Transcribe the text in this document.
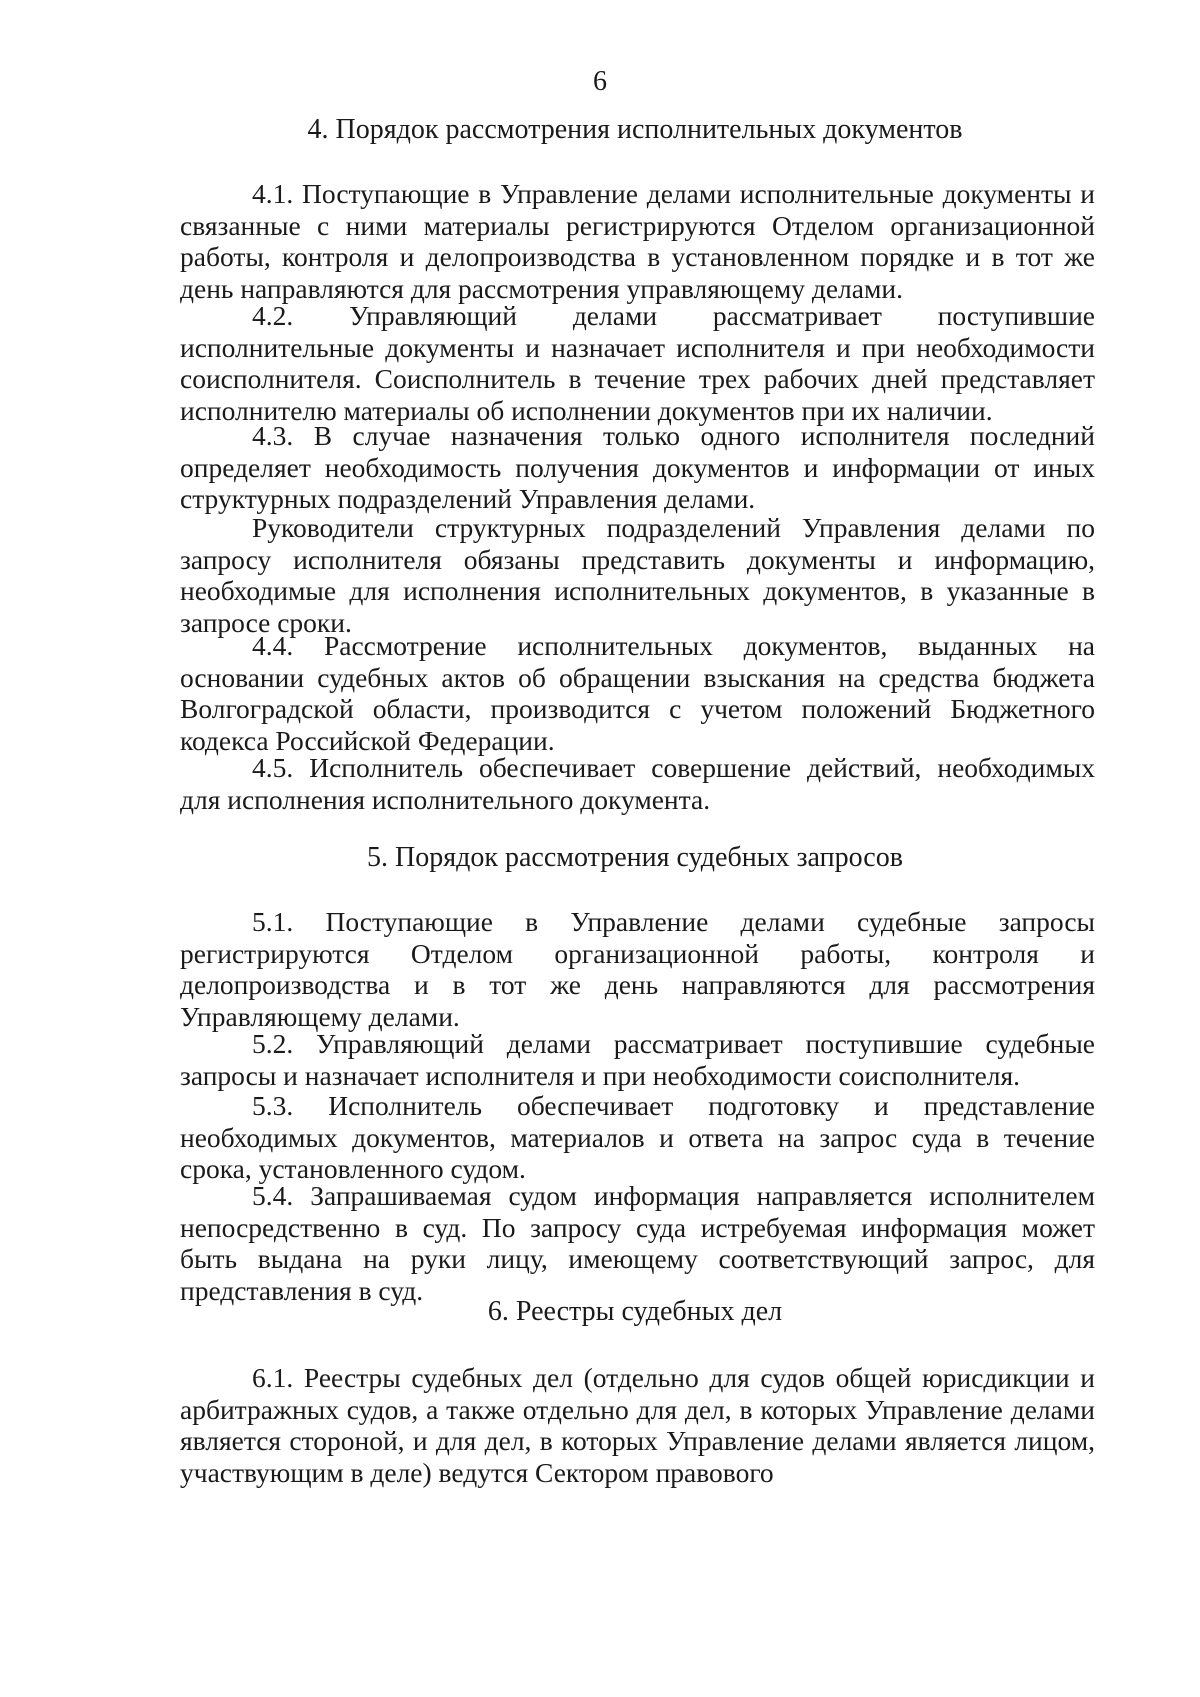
6
4. Порядок рассмотрения исполнительных документов

4.1. Поступающие в Управление делами исполнительные документы и связанные с ними материалы регистрируются Отделом организационной работы, контроля и делопроизводства в установленном порядке и в тот же день направляются для рассмотрения управляющему делами.

4.2. Управляющий делами рассматривает поступившие исполнительные документы и назначает исполнителя и при необходимости соисполнителя. Соисполнитель в течение трех рабочих дней представляет исполнителю материалы об исполнении документов при их наличии.

4.3. В случае назначения только одного исполнителя последний определяет необходимость получения документов и информации от иных структурных подразделений Управления делами.

Руководители структурных подразделений Управления делами по запросу исполнителя обязаны представить документы и информацию, необходимые для исполнения исполнительных документов, в указанные в запросе сроки.

4.4. Рассмотрение исполнительных документов, выданных на основании судебных актов об обращении взыскания на средства бюджета Волгоградской области, производится с учетом положений Бюджетного кодекса Российской Федерации.

4.5. Исполнитель обеспечивает совершение действий, необходимых для исполнения исполнительного документа.

5. Порядок рассмотрения судебных запросов

5.1. Поступающие в Управление делами судебные запросы регистрируются Отделом организационной работы, контроля и делопроизводства и в тот же день направляются для рассмотрения Управляющему делами.

5.2. Управляющий делами рассматривает поступившие судебные запросы и назначает исполнителя и при необходимости соисполнителя.

5.3. Исполнитель обеспечивает подготовку и представление необходимых документов, материалов и ответа на запрос суда в течение срока, установленного судом.

5.4. Запрашиваемая судом информация направляется исполнителем непосредственно в суд. По запросу суда истребуемая информация может быть выдана на руки лицу, имеющему соответствующий запрос, для представления в суд.

6. Реестры судебных дел

6.1. Реестры судебных дел (отдельно для судов общей юрисдикции и арбитражных судов, а также отдельно для дел, в которых Управление делами является стороной, и для дел, в которых Управление делами является лицом, участвующим в деле) ведутся Сектором правового
